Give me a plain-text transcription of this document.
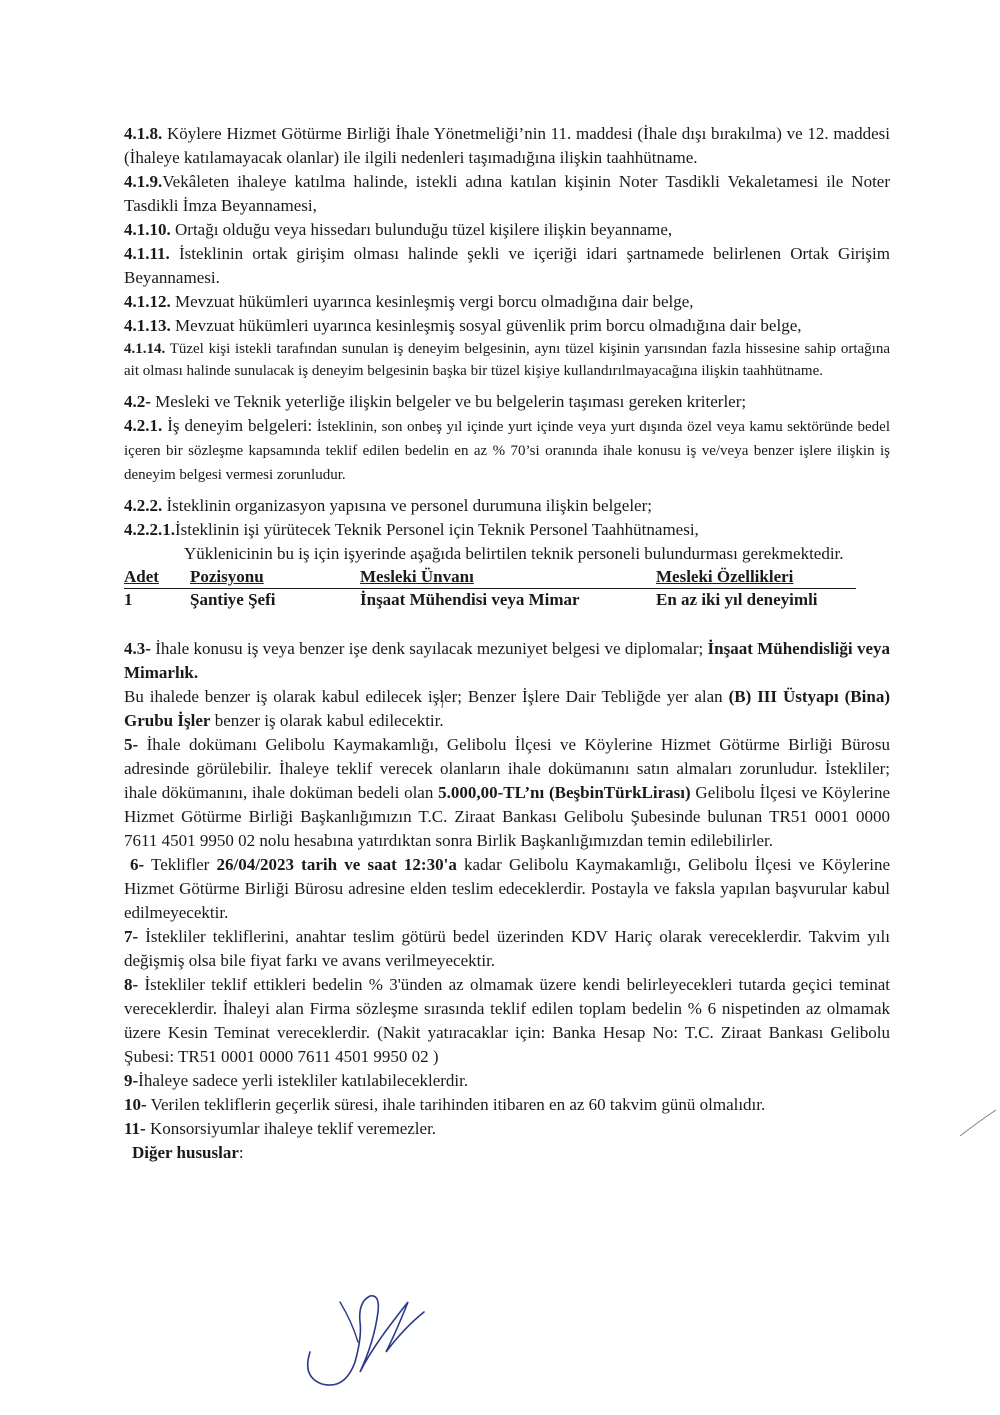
4.1.8. Köylere Hizmet Götürme Birliği İhale Yönetmeliği’nin 11. maddesi (İhale dışı bırakılma) ve 12. maddesi (İhaleye katılamayacak olanlar) ile ilgili nedenleri taşımadığına ilişkin taahhütname.

4.1.9.Vekâleten ihaleye katılma halinde, istekli adına katılan kişinin Noter Tasdikli Vekaletamesi ile Noter Tasdikli İmza Beyannamesi,

4.1.10. Ortağı olduğu veya hissedarı bulunduğu tüzel kişilere ilişkin beyanname,

4.1.11. İsteklinin ortak girişim olması halinde şekli ve içeriği idari şartnamede belirlenen Ortak Girişim Beyannamesi.

4.1.12. Mevzuat hükümleri uyarınca kesinleşmiş vergi borcu olmadığına dair belge,

4.1.13. Mevzuat hükümleri uyarınca kesinleşmiş sosyal güvenlik prim borcu olmadığına dair belge,

4.1.14. Tüzel kişi istekli tarafından sunulan iş deneyim belgesinin, aynı tüzel kişinin yarısından fazla hissesine sahip ortağına ait olması halinde sunulacak iş deneyim belgesinin başka bir tüzel kişiye kullandırılmayacağına ilişkin taahhütname.

4.2- Mesleki ve Teknik yeterliğe ilişkin belgeler ve bu belgelerin taşıması gereken kriterler;

4.2.1. İş deneyim belgeleri: İsteklinin, son onbeş yıl içinde yurt içinde veya yurt dışında özel veya kamu sektöründe bedel içeren bir sözleşme kapsamında teklif edilen bedelin en az % 70’si oranında ihale konusu iş ve/veya benzer işlere ilişkin iş deneyim belgesi vermesi zorunludur.

4.2.2. İsteklinin organizasyon yapısına ve personel durumuna ilişkin belgeler;

4.2.2.1.İsteklinin işi yürütecek Teknik Personel için Teknik Personel Taahhütnamesi,

Yüklenicinin bu iş için işyerinde aşağıda belirtilen teknik personeli bulundurması gerekmektedir.

Adet	Pozisyonu	Mesleki Ünvanı	Mesleki Özellikleri
1	Şantiye Şefi	İnşaat Mühendisi veya Mimar	En az iki yıl deneyimli

4.3- İhale konusu iş veya benzer işe denk sayılacak mezuniyet belgesi ve diplomalar; İnşaat Mühendisliği veya Mimarlık.

Bu ihalede benzer iş olarak kabul edilecek işler; Benzer İşlere Dair Tebliğde yer alan (B) III Üstyapı (Bina) Grubu İşler benzer iş olarak kabul edilecektir.

5- İhale dokümanı Gelibolu Kaymakamlığı, Gelibolu İlçesi ve Köylerine Hizmet Götürme Birliği Bürosu adresinde görülebilir. İhaleye teklif verecek olanların ihale dokümanını satın almaları zorunludur. İstekliler; ihale dökümanını, ihale doküman bedeli olan 5.000,00-TL’nı (BeşbinTürkLirası) Gelibolu İlçesi ve Köylerine Hizmet Götürme Birliği Başkanlığımızın T.C. Ziraat Bankası Gelibolu Şubesinde bulunan TR51 0001 0000 7611 4501 9950 02 nolu hesabına yatırdıktan sonra Birlik Başkanlığımızdan temin edilebilirler.

6- Teklifler 26/04/2023 tarih ve saat 12:30'a kadar Gelibolu Kaymakamlığı, Gelibolu İlçesi ve Köylerine Hizmet Götürme Birliği Bürosu adresine elden teslim edeceklerdir. Postayla ve faksla yapılan başvurular kabul edilmeyecektir.

7- İstekliler tekliflerini, anahtar teslim götürü bedel üzerinden KDV Hariç olarak vereceklerdir. Takvim yılı değişmiş olsa bile fiyat farkı ve avans verilmeyecektir.

8- İstekliler teklif ettikleri bedelin % 3'ünden az olmamak üzere kendi belirleyecekleri tutarda geçici teminat vereceklerdir. İhaleyi alan Firma sözleşme sırasında teklif edilen toplam bedelin % 6 nispetinden az olmamak üzere Kesin Teminat vereceklerdir. (Nakit yatıracaklar için: Banka Hesap No: T.C. Ziraat Bankası Gelibolu Şubesi: TR51 0001 0000 7611 4501 9950 02 )

9-İhaleye sadece yerli istekliler katılabileceklerdir.

10- Verilen tekliflerin geçerlik süresi, ihale tarihinden itibaren en az 60 takvim günü olmalıdır.

11- Konsorsiyumlar ihaleye teklif veremezler.

Diğer hususlar:
